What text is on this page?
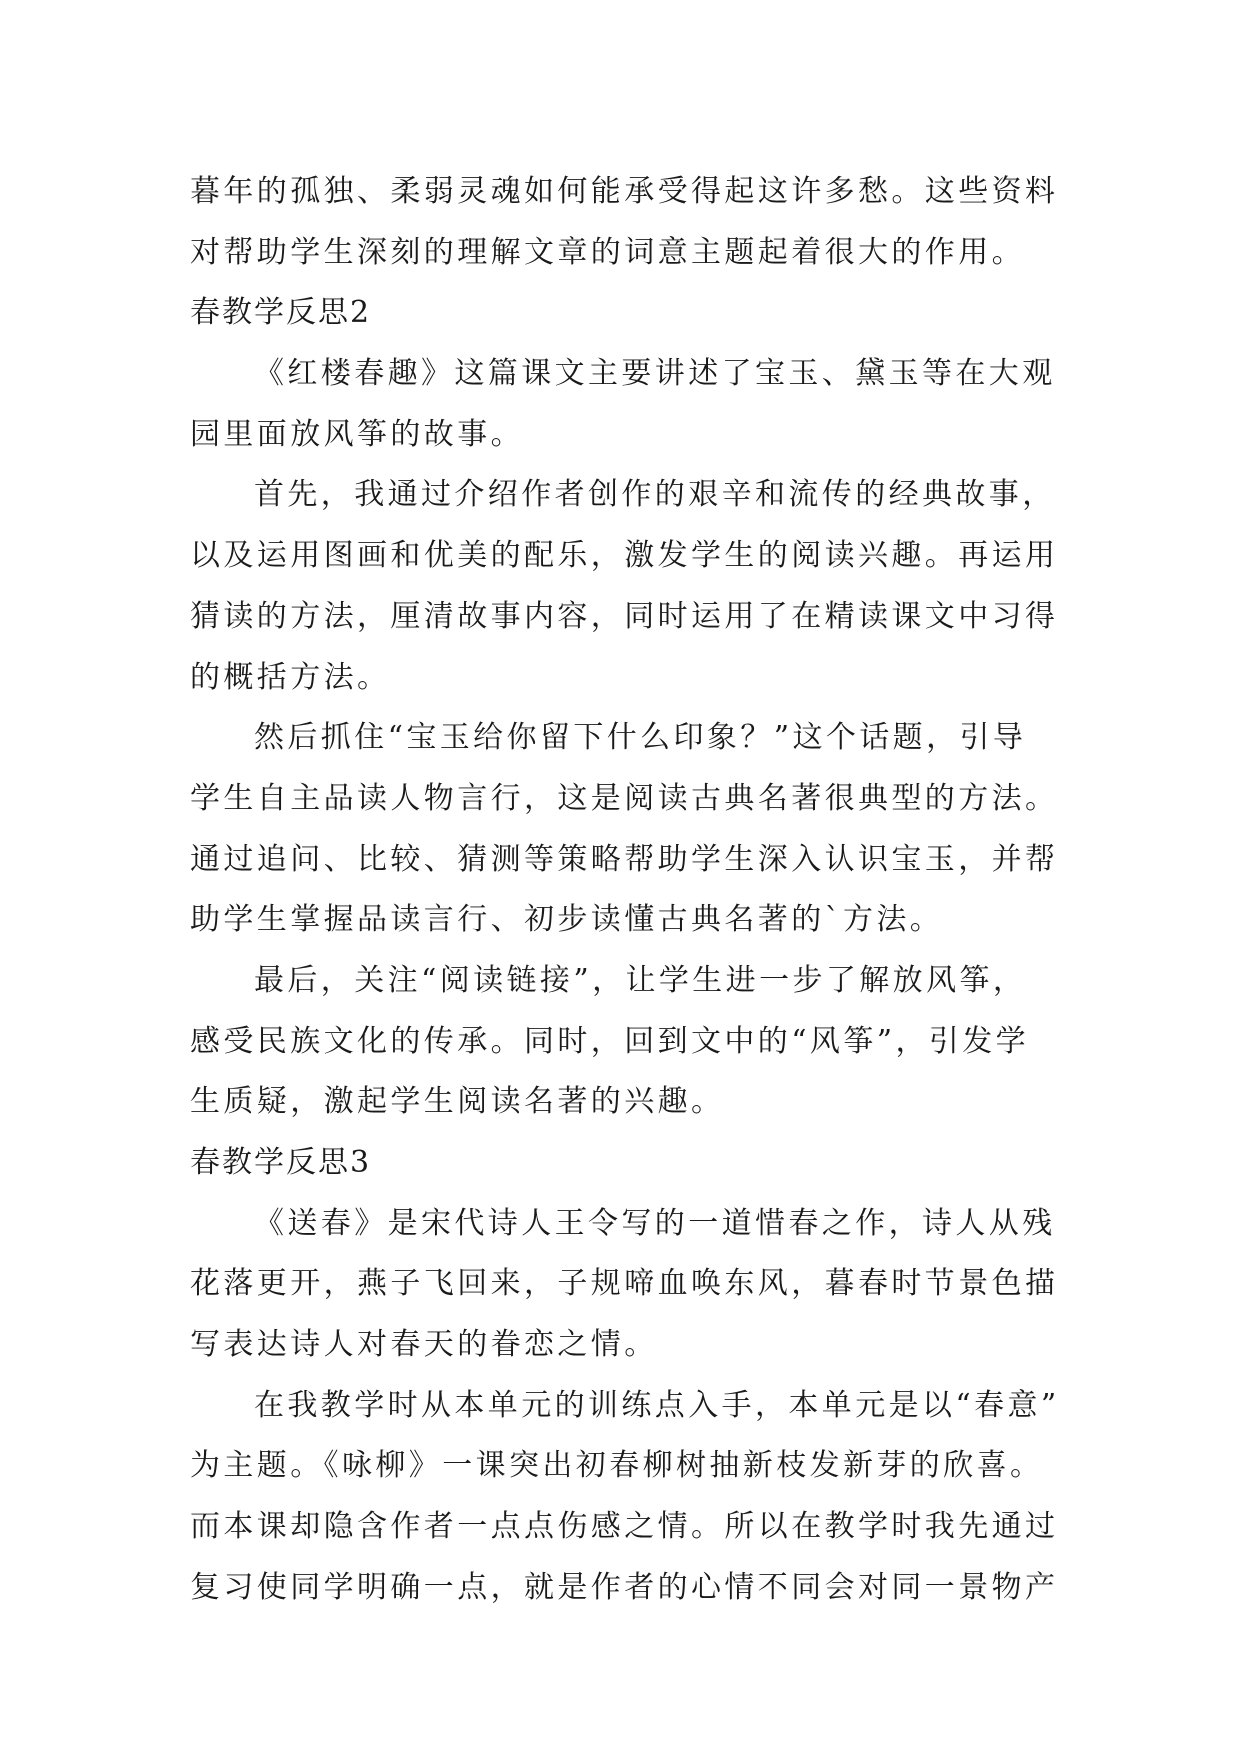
暮年的孤独、柔弱灵魂如何能承受得起这许多愁。这些资料
对帮助学生深刻的理解文章的词意主题起着很大的作用。
春教学反思2
《红楼春趣》这篇课文主要讲述了宝玉、黛玉等在大观
园里面放风筝的故事。
首先，我通过介绍作者创作的艰辛和流传的经典故事，
以及运用图画和优美的配乐，激发学生的阅读兴趣。再运用
猜读的方法，厘清故事内容，同时运用了在精读课文中习得
的概括方法。
然后抓住“宝玉给你留下什么印象？”这个话题，引导
学生自主品读人物言行，这是阅读古典名著很典型的方法。
通过追问、比较、猜测等策略帮助学生深入认识宝玉，并帮
助学生掌握品读言行、初步读懂古典名著的`方法。
最后，关注“阅读链接”，让学生进一步了解放风筝，
感受民族文化的传承。同时，回到文中的“风筝”，引发学
生质疑，激起学生阅读名著的兴趣。
春教学反思3
《送春》是宋代诗人王令写的一道惜春之作，诗人从残
花落更开，燕子飞回来，子规啼血唤东风，暮春时节景色描
写表达诗人对春天的眷恋之情。
在我教学时从本单元的训练点入手，本单元是以“春意”
为主题。《咏柳》一课突出初春柳树抽新枝发新芽的欣喜。
而本课却隐含作者一点点伤感之情。所以在教学时我先通过
复习使同学明确一点，就是作者的心情不同会对同一景物产
